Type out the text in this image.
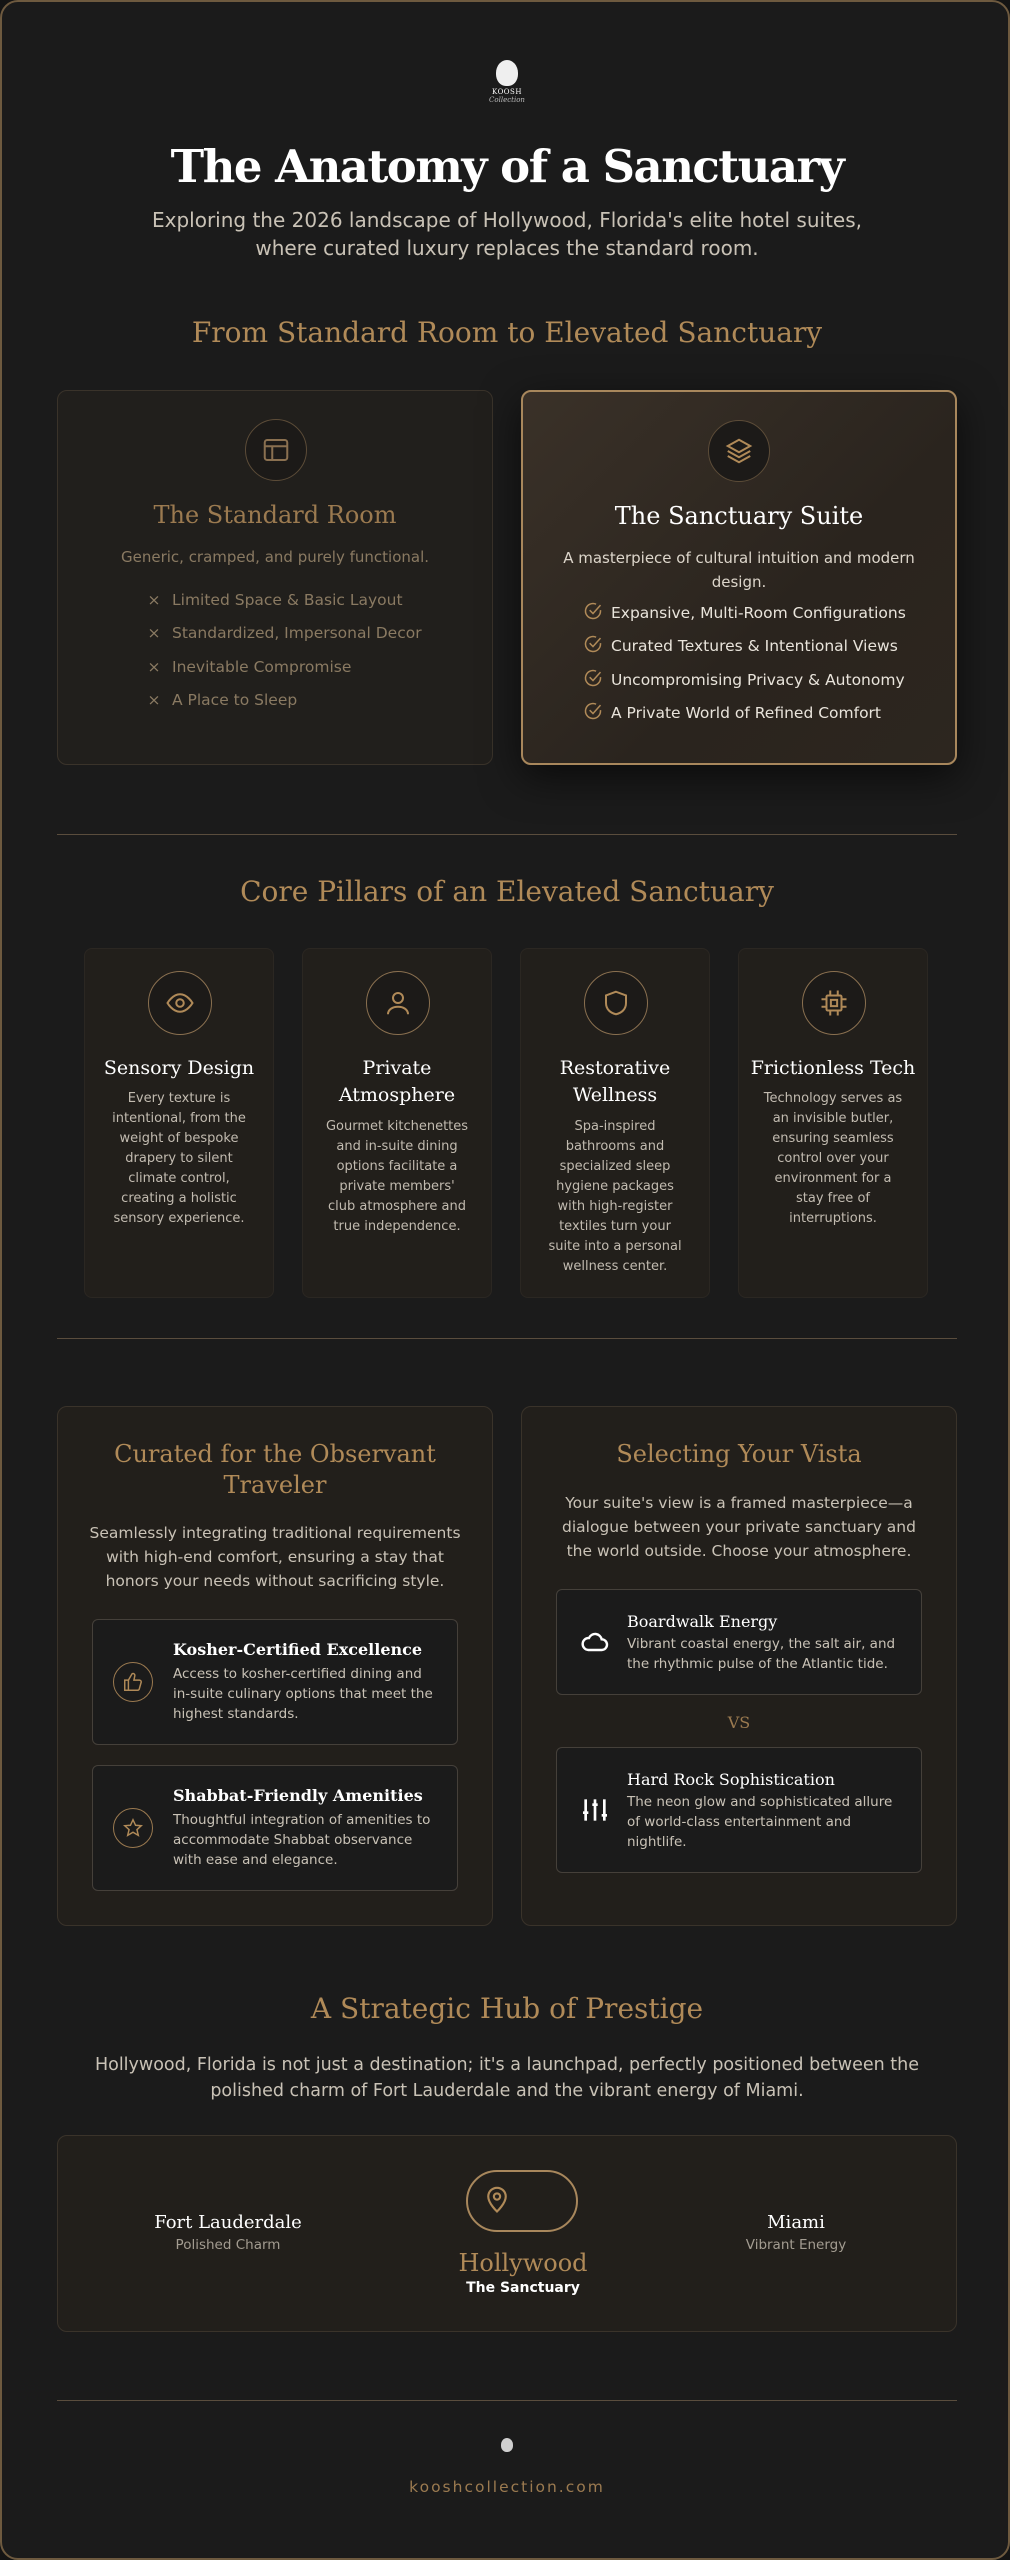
KOOSH
Collection
The Anatomy of a Sanctuary
Exploring the 2026 landscape of Hollywood, Florida's elite hotel suites, where curated luxury replaces the standard room.
From Standard Room to Elevated Sanctuary
The Standard Room
Generic, cramped, and purely functional.
× Limited Space & Basic Layout
× Standardized, Impersonal Decor
× Inevitable Compromise
× A Place to Sleep
The Sanctuary Suite
A masterpiece of cultural intuition and modern design.
Expansive, Multi-Room Configurations
Curated Textures & Intentional Views
Uncompromising Privacy & Autonomy
A Private World of Refined Comfort
Core Pillars of an Elevated Sanctuary
Sensory Design
Every texture is intentional, from the weight of bespoke drapery to silent climate control, creating a holistic sensory experience.
Private Atmosphere
Gourmet kitchenettes and in-suite dining options facilitate a private members' club atmosphere and true independence.
Restorative Wellness
Spa-inspired bathrooms and specialized sleep hygiene packages with high-register textiles turn your suite into a personal wellness center.
Frictionless Tech
Technology serves as an invisible butler, ensuring seamless control over your environment for a stay free of interruptions.
Curated for the Observant Traveler
Seamlessly integrating traditional requirements with high-end comfort, ensuring a stay that honors your needs without sacrificing style.
Kosher-Certified Excellence
Access to kosher-certified dining and in-suite culinary options that meet the highest standards.
Shabbat-Friendly Amenities
Thoughtful integration of amenities to accommodate Shabbat observance with ease and elegance.
Selecting Your Vista
Your suite's view is a framed masterpiece—a dialogue between your private sanctuary and the world outside. Choose your atmosphere.
Boardwalk Energy
Vibrant coastal energy, the salt air, and the rhythmic pulse of the Atlantic tide.
VS
Hard Rock Sophistication
The neon glow and sophisticated allure of world-class entertainment and nightlife.
A Strategic Hub of Prestige
Hollywood, Florida is not just a destination; it's a launchpad, perfectly positioned between the polished charm of Fort Lauderdale and the vibrant energy of Miami.
Fort Lauderdale
Polished Charm
Hollywood
The Sanctuary
Miami
Vibrant Energy
kooshcollection.com
